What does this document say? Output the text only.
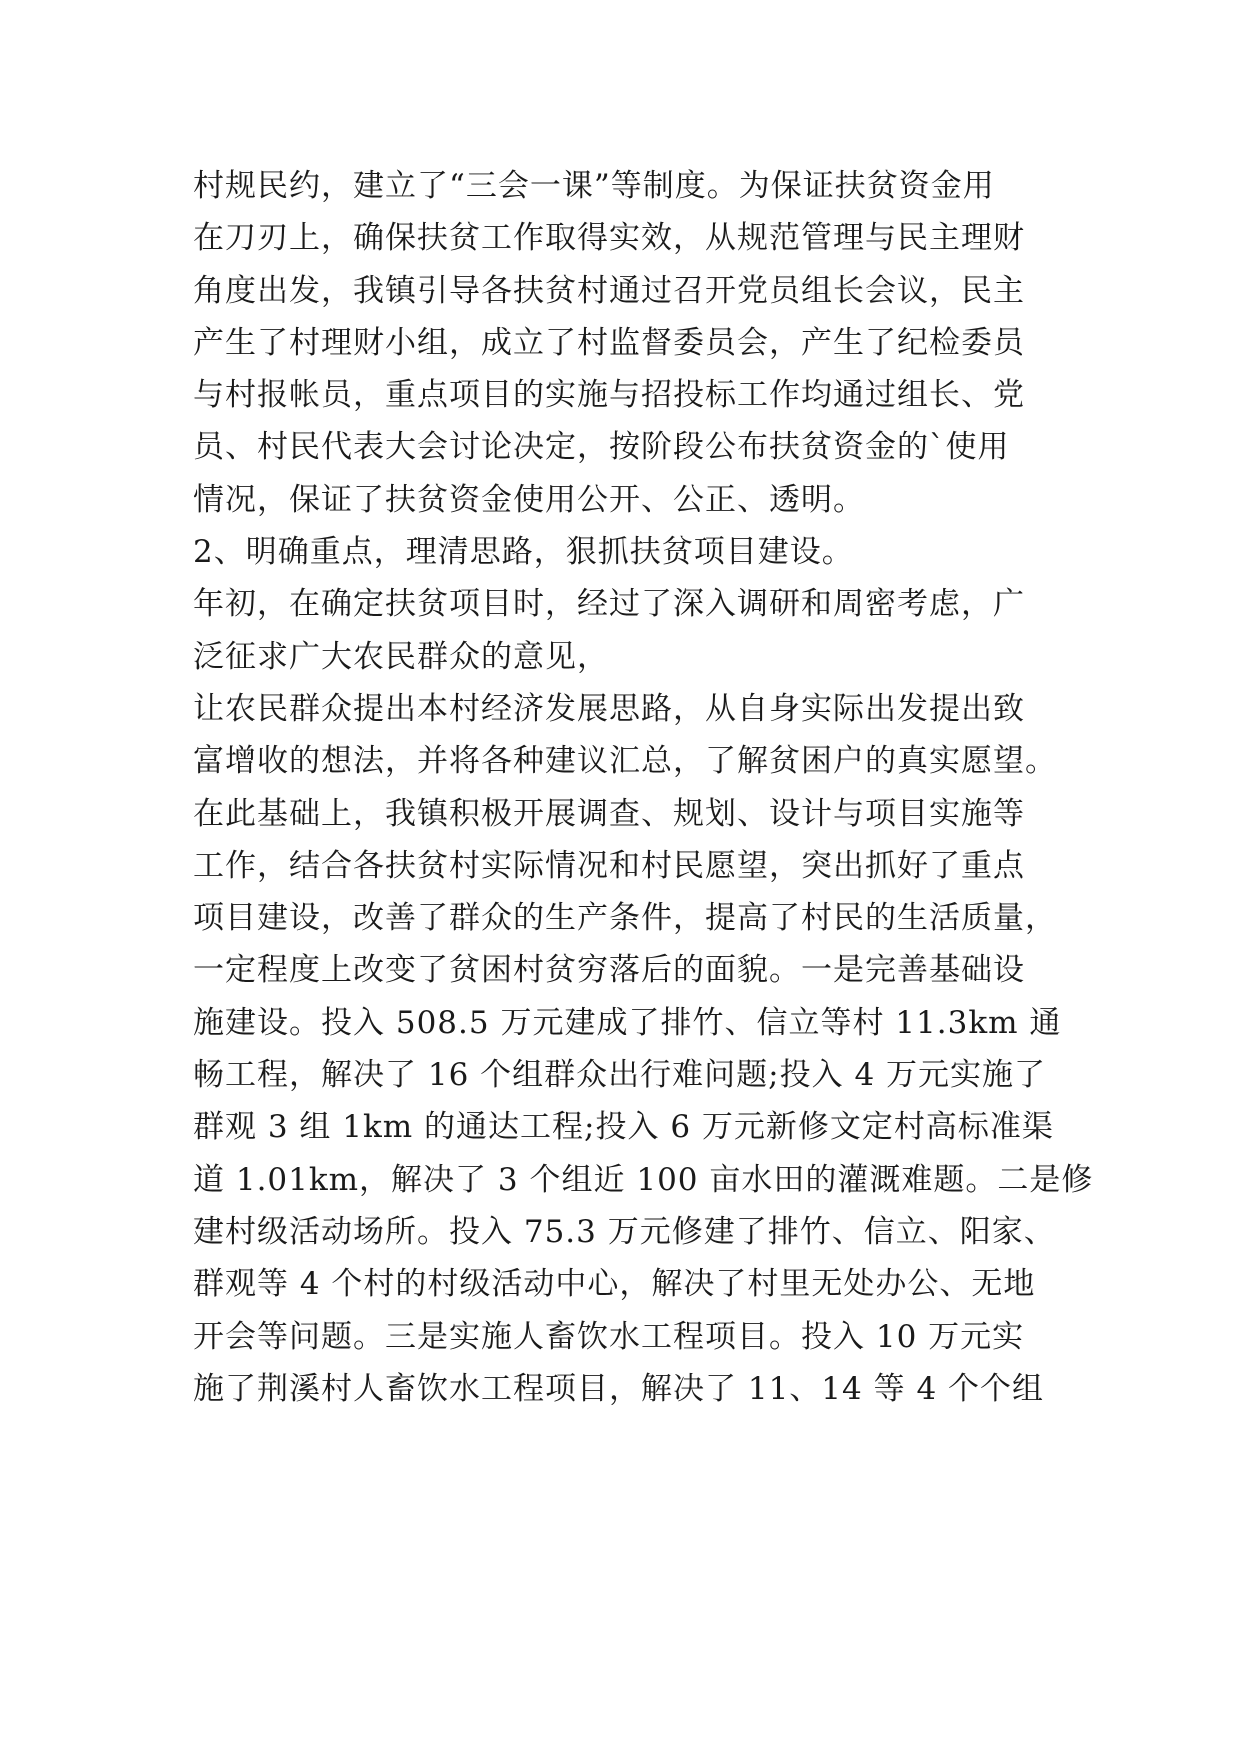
村规民约，建立了“三会一课”等制度。为保证扶贫资金用
在刀刃上，确保扶贫工作取得实效，从规范管理与民主理财
角度出发，我镇引导各扶贫村通过召开党员组长会议，民主
产生了村理财小组，成立了村监督委员会，产生了纪检委员
与村报帐员，重点项目的实施与招投标工作均通过组长、党
员、村民代表大会讨论决定，按阶段公布扶贫资金的`使用
情况，保证了扶贫资金使用公开、公正、透明。
2、明确重点，理清思路，狠抓扶贫项目建设。
年初，在确定扶贫项目时，经过了深入调研和周密考虑，广
泛征求广大农民群众的意见，
让农民群众提出本村经济发展思路，从自身实际出发提出致
富增收的想法，并将各种建议汇总，了解贫困户的真实愿望。
在此基础上，我镇积极开展调查、规划、设计与项目实施等
工作，结合各扶贫村实际情况和村民愿望，突出抓好了重点
项目建设，改善了群众的生产条件，提高了村民的生活质量，
一定程度上改变了贫困村贫穷落后的面貌。一是完善基础设
施建设。投入 508.5 万元建成了排竹、信立等村 11.3km 通
畅工程，解决了 16 个组群众出行难问题;投入 4 万元实施了
群观 3 组 1km 的通达工程;投入 6 万元新修文定村高标准渠
道 1.01km，解决了 3 个组近 100 亩水田的灌溉难题。二是修
建村级活动场所。投入 75.3 万元修建了排竹、信立、阳家、
群观等 4 个村的村级活动中心，解决了村里无处办公、无地
开会等问题。三是实施人畜饮水工程项目。投入 10 万元实
施了荆溪村人畜饮水工程项目，解决了 11、14 等 4 个个组
